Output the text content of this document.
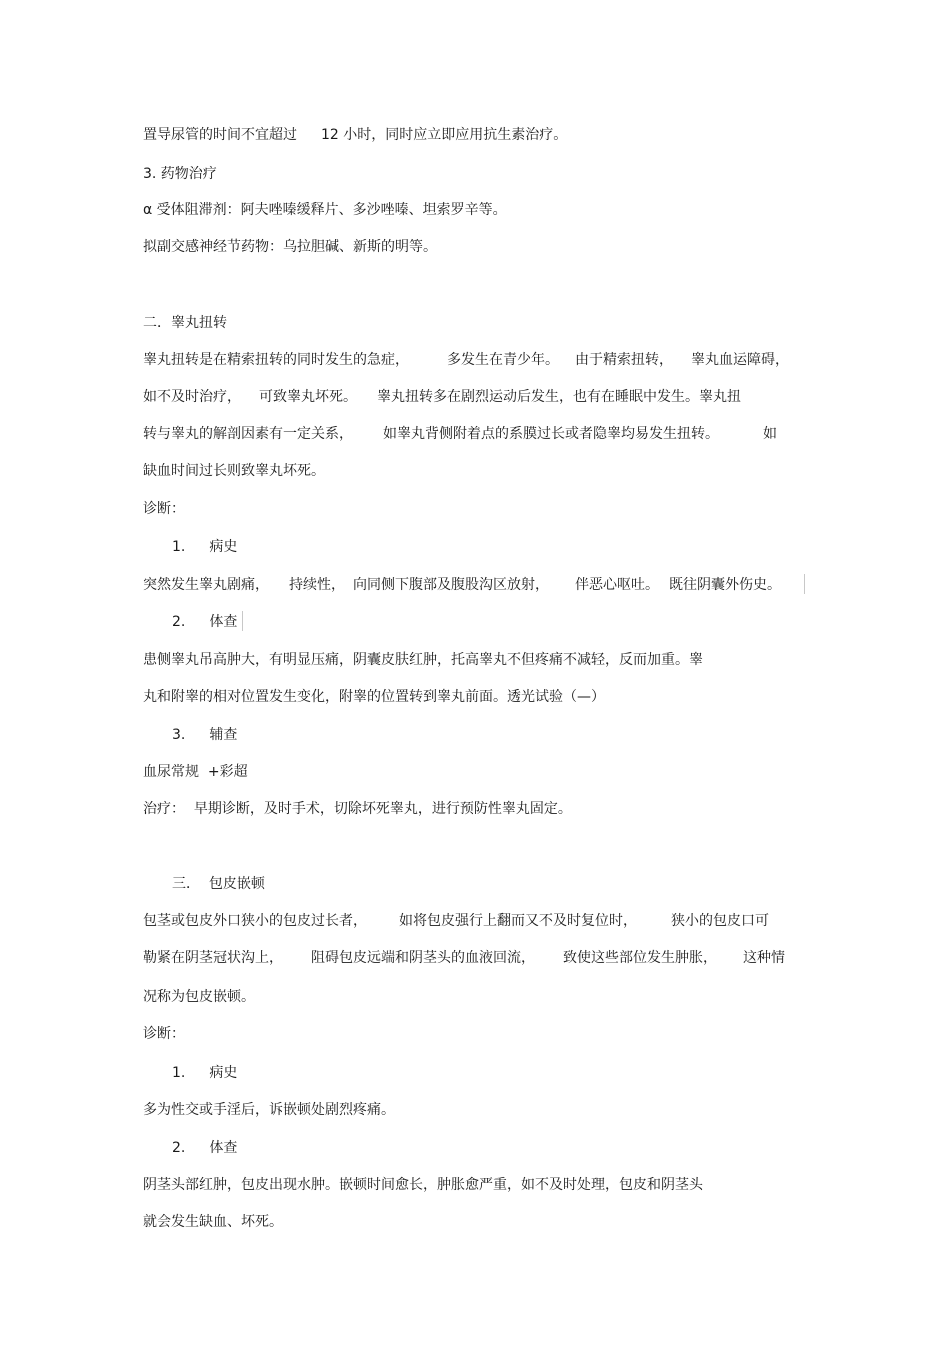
置导尿管的时间不宜超过 12 小时，同时应立即应用抗生素治疗。
3. 药物治疗
α 受体阻滞剂：阿夫唑嗪缓释片、多沙唑嗪、坦索罗辛等。
拟副交感神经节药物：乌拉胆碱、新斯的明等。
二．睾丸扭转
睾丸扭转是在精索扭转的同时发生的急症，	多发生在青少年。 由于精索扭转， 睾丸血运障碍，
如不及时治疗， 可致睾丸坏死。 睾丸扭转多在剧烈运动后发生，也有在睡眠中发生。睾丸扭
转与睾丸的解剖因素有一定关系， 如睾丸背侧附着点的系膜过长或者隐睾均易发生扭转。	如
缺血时间过长则致睾丸坏死。
诊断：
1. 病史
突然发生睾丸剧痛， 持续性， 向同侧下腹部及腹股沟区放射， 伴恶心呕吐。 既往阴囊外伤史。
2. 体查
患侧睾丸吊高肿大，有明显压痛，阴囊皮肤红肿，托高睾丸不但疼痛不减轻，反而加重。睾
丸和附睾的相对位置发生变化，附睾的位置转到睾丸前面。透光试验（—）
3. 辅查
血尿常规  +彩超
治疗：  早期诊断，及时手术，切除坏死睾丸，进行预防性睾丸固定。
三．  包皮嵌顿
包茎或包皮外口狭小的包皮过长者， 如将包皮强行上翻而又不及时复位时， 狭小的包皮口可
勒紧在阴茎冠状沟上， 阻碍包皮远端和阴茎头的血液回流， 致使这些部位发生肿胀， 这种情
况称为包皮嵌顿。
诊断：
1. 病史
多为性交或手淫后，诉嵌顿处剧烈疼痛。
2. 体查
阴茎头部红肿，包皮出现水肿。嵌顿时间愈长，肿胀愈严重，如不及时处理，包皮和阴茎头
就会发生缺血、坏死。
